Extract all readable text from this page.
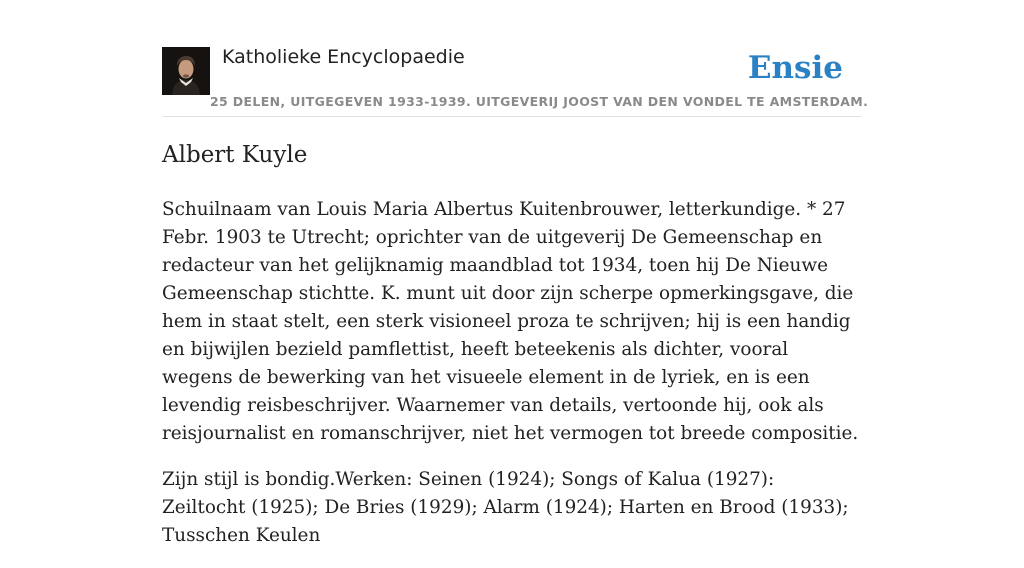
Katholieke Encyclopaedie	Ensie
25 DELEN, UITGEGEVEN 1933-1939. UITGEVERIJ JOOST VAN DEN VONDEL TE AMSTERDAM.
Albert Kuyle

Schuilnaam van Louis Maria Albertus Kuitenbrouwer, letterkundige. * 27 Febr. 1903 te Utrecht; oprichter van de uitgeverij De Gemeenschap en redacteur van het gelijknamig maandblad tot 1934, toen hij De Nieuwe Gemeenschap stichtte. K. munt uit door zijn scherpe opmerkingsgave, die hem in staat stelt, een sterk visioneel proza te schrijven; hij is een handig en bijwijlen bezield pamflettist, heeft beteekenis als dichter, vooral wegens de bewerking van het visueele element in de lyriek, en is een levendig reisbeschrijver. Waarnemer van details, vertoonde hij, ook als reisjournalist en romanschrijver, niet het vermogen tot breede compositie.

Zijn stijl is bondig.Werken: Seinen (1924); Songs of Kalua (1927): Zeiltocht (1925); De Bries (1929); Alarm (1924); Harten en Brood (1933); Tusschen Keulen
